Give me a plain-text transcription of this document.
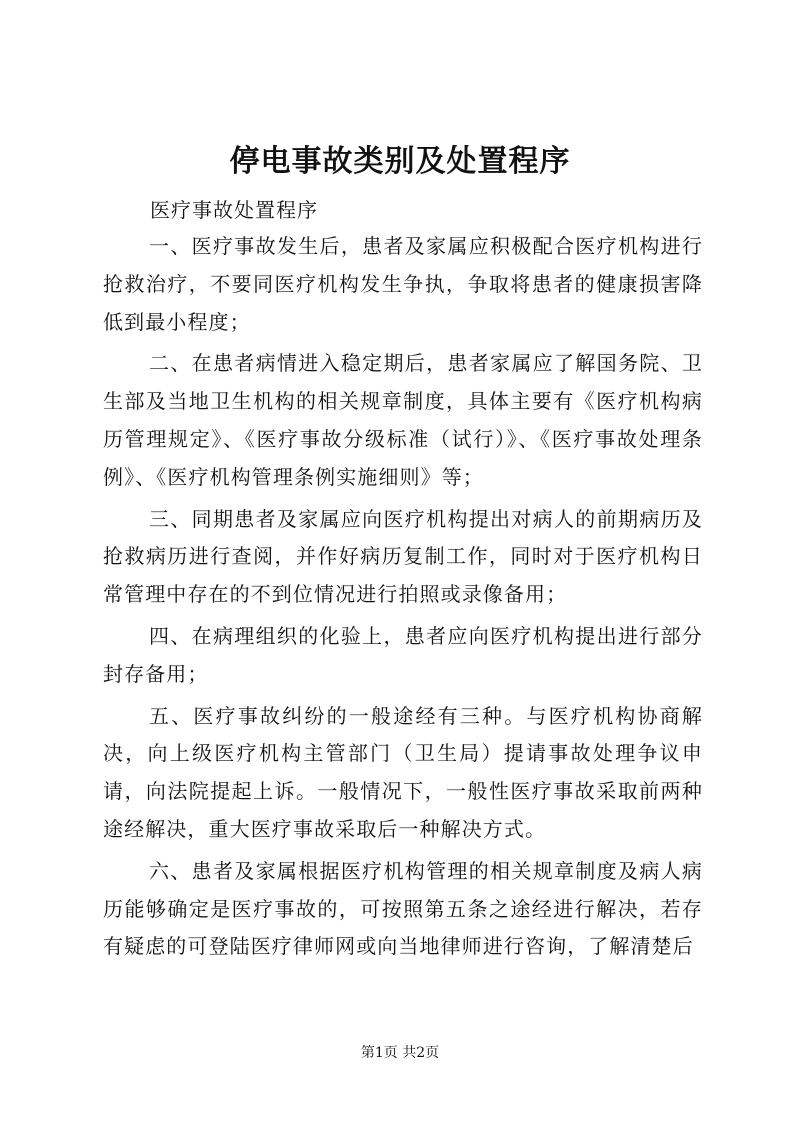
停电事故类别及处置程序
医疗事故处置程序

一、医疗事故发生后，患者及家属应积极配合医疗机构进行抢救治疗，不要同医疗机构发生争执，争取将患者的健康损害降低到最小程度；

二、在患者病情进入稳定期后，患者家属应了解国务院、卫生部及当地卫生机构的相关规章制度，具体主要有《医疗机构病历管理规定》、《医疗事故分级标准（试行）》、《医疗事故处理条例》、《医疗机构管理条例实施细则》等；

三、同期患者及家属应向医疗机构提出对病人的前期病历及抢救病历进行查阅，并作好病历复制工作，同时对于医疗机构日常管理中存在的不到位情况进行拍照或录像备用；

四、在病理组织的化验上，患者应向医疗机构提出进行部分封存备用；

五、医疗事故纠纷的一般途经有三种。与医疗机构协商解决，向上级医疗机构主管部门（卫生局）提请事故处理争议申请，向法院提起上诉。一般情况下，一般性医疗事故采取前两种途经解决，重大医疗事故采取后一种解决方式。

六、患者及家属根据医疗机构管理的相关规章制度及病人病历能够确定是医疗事故的，可按照第五条之途经进行解决，若存有疑虑的可登陆医疗律师网或向当地律师进行咨询，了解清楚后

第1页 共2页
